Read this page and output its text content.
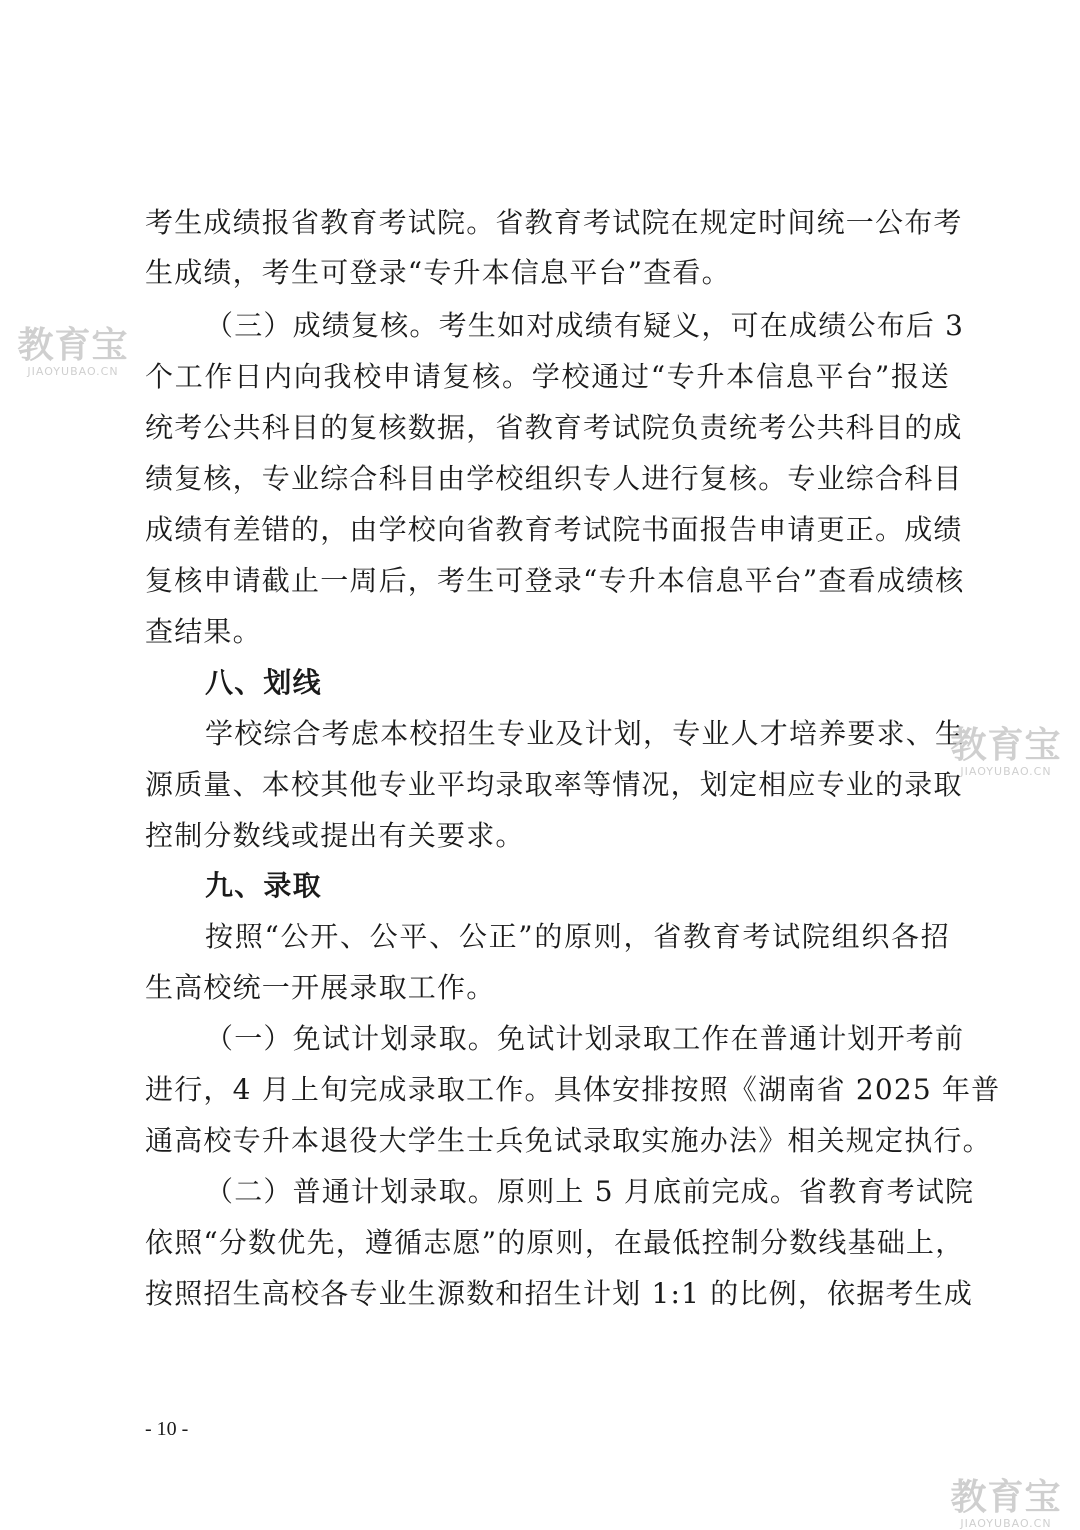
考生成绩报省教育考试院。省教育考试院在规定时间统一公布考
生成绩，考生可登录“专升本信息平台”查看。
（三）成绩复核。考生如对成绩有疑义，可在成绩公布后 3
个工作日内向我校申请复核。学校通过“专升本信息平台”报送
统考公共科目的复核数据，省教育考试院负责统考公共科目的成
绩复核，专业综合科目由学校组织专人进行复核。专业综合科目
成绩有差错的，由学校向省教育考试院书面报告申请更正。成绩
复核申请截止一周后，考生可登录“专升本信息平台”查看成绩核
查结果。
八、划线
学校综合考虑本校招生专业及计划，专业人才培养要求、生
源质量、本校其他专业平均录取率等情况，划定相应专业的录取
控制分数线或提出有关要求。
九、录取
按照“公开、公平、公正”的原则，省教育考试院组织各招
生高校统一开展录取工作。
（一）免试计划录取。免试计划录取工作在普通计划开考前
进行，4 月上旬完成录取工作。具体安排按照《湖南省 2025 年普
通高校专升本退役大学生士兵免试录取实施办法》相关规定执行。
（二）普通计划录取。原则上 5 月底前完成。省教育考试院
依照“分数优先，遵循志愿”的原则，在最低控制分数线基础上，
按照招生高校各专业生源数和招生计划 1:1 的比例，依据考生成
- 10 -
教育宝
JIAOYUBAO.CN
教育宝
JIAOYUBAO.CN
教育宝
JIAOYUBAO.CN
